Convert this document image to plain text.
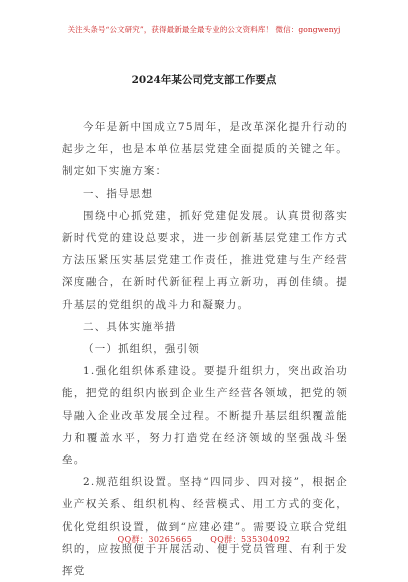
关注头条号“公文研究”，获得最新最全最专业的公文资料库！ 微信：gongwenyj
2024年某公司党支部工作要点

今年是新中国成立75周年，是改革深化提升行动的起步之年，也是本单位基层党建全面提质的关键之年。制定如下实施方案：

一、指导思想

围绕中心抓党建，抓好党建促发展。认真贯彻落实新时代党的建设总要求，进一步创新基层党建工作方式方法压紧压实基层党建工作责任，推进党建与生产经营深度融合，在新时代新征程上再立新功，再创佳绩。提升基层的党组织的战斗力和凝聚力。

二、具体实施举措

（一）抓组织，强引领

1.强化组织体系建设。要提升组织力，突出政治功能，把党的组织内嵌到企业生产经营各领域，把党的领导融入企业改革发展全过程。不断提升基层组织覆盖能力和覆盖水平，努力打造党在经济领域的坚强战斗堡垒。

2.规范组织设置。坚持“四同步、四对接”，根据企业产权关系、组织机构、经营模式、用工方式的变化，优化党组织设置，做到“应建必建”。需要设立联合党组织的，应按照便于开展活动、便于党员管理、有利于发挥党

QQ群：30265665 QQ群：535304092
